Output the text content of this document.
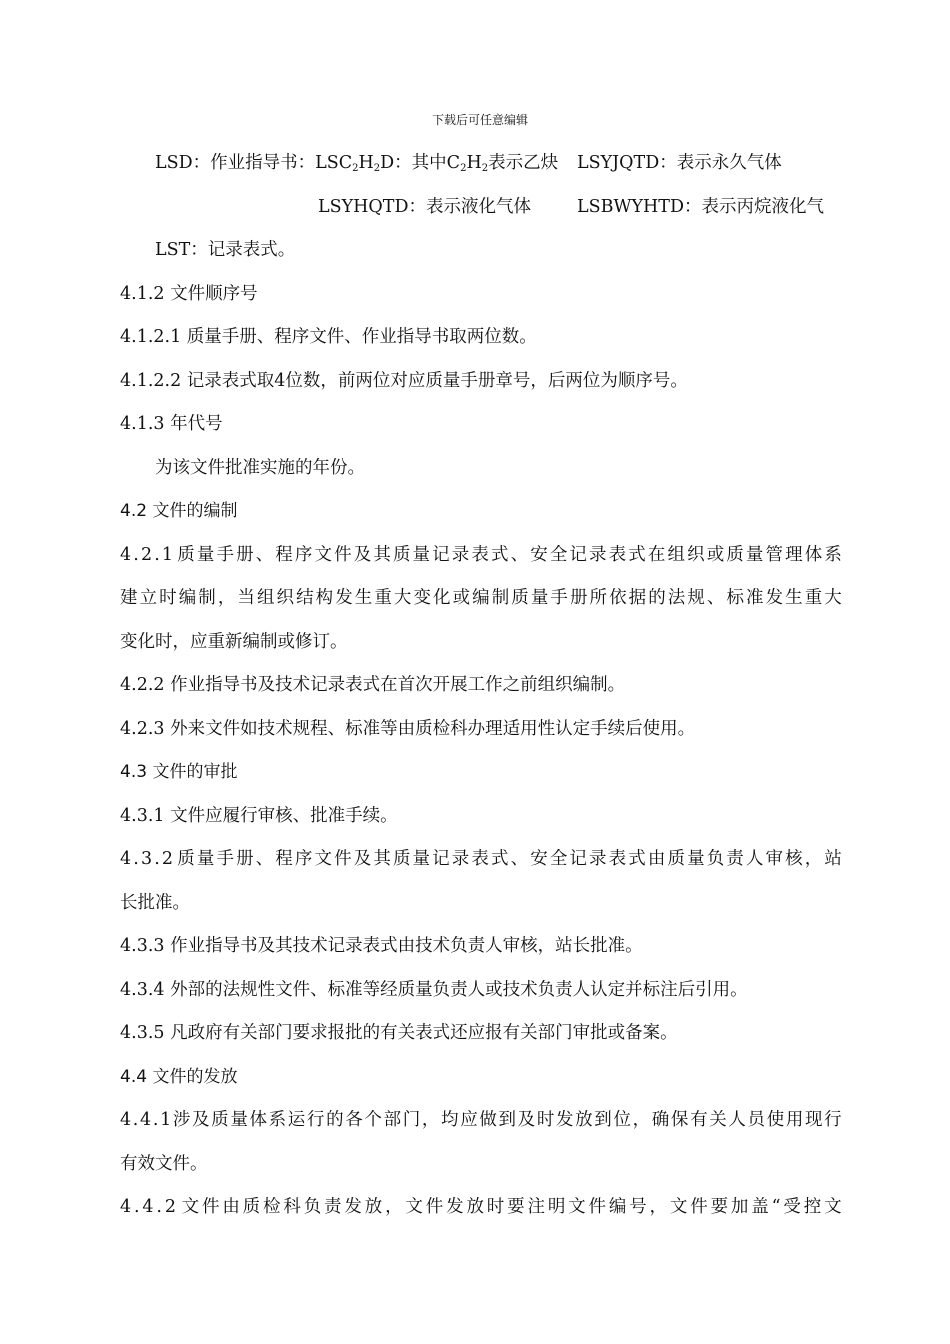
下载后可任意编辑
LSD：作业指导书：$LSC_2H_2D$：其中$C_2H_2$表示乙炔 LSYJQTD：表示永久气体
LSYHQTD：表示液化气体	LSBWYHTD：表示丙烷液化气
LST：记录表式。
4.1.2 文件顺序号
4.1.2.1 质量手册、程序文件、作业指导书取两位数。
4.1.2.2 记录表式取4位数，前两位对应质量手册章号，后两位为顺序号。
4.1.3 年代号
为该文件批准实施的年份。
4.2 文件的编制
4 . 2 . 1 质 量 手 册 、 程 序 文 件 及 其 质 量 记 录 表 式 、 安 全 记 录 表 式 在 组 织 或 质 量 管 理 体 系
建 立 时 编 制 ， 当 组 织 结 构 发 生 重 大 变 化 或 编 制 质 量 手 册 所 依 据 的 法 规 、 标 准 发 生 重 大
变化时，应重新编制或修订。
4.2.2 作业指导书及技术记录表式在首次开展工作之前组织编制。
4.2.3 外来文件如技术规程、标准等由质检科办理适用性认定手续后使用。
4.3 文件的审批
4.3.1 文件应履行审核、批准手续。
4 . 3 . 2 质 量 手 册 、 程 序 文 件 及 其 质 量 记 录 表 式 、 安 全 记 录 表 式 由 质 量 负 责 人 审 核 ， 站
长批准。
4.3.3 作业指导书及其技术记录表式由技术负责人审核，站长批准。
4.3.4 外部的法规性文件、标准等经质量负责人或技术负责人认定并标注后引用。
4.3.5 凡政府有关部门要求报批的有关表式还应报有关部门审批或备案。
4.4 文件的发放
4 . 4 . 1 涉 及 质 量 体 系 运 行 的 各 个 部 门 ， 均 应 做 到 及 时 发 放 到 位 ， 确 保 有 关 人 员 使 用 现 行
有效文件。
4 . 4 . 2 文 件 由 质 检 科 负 责 发 放 ， 文 件 发 放 时 要 注 明 文 件 编 号 ， 文 件 要 加 盖 “ 受 控 文
